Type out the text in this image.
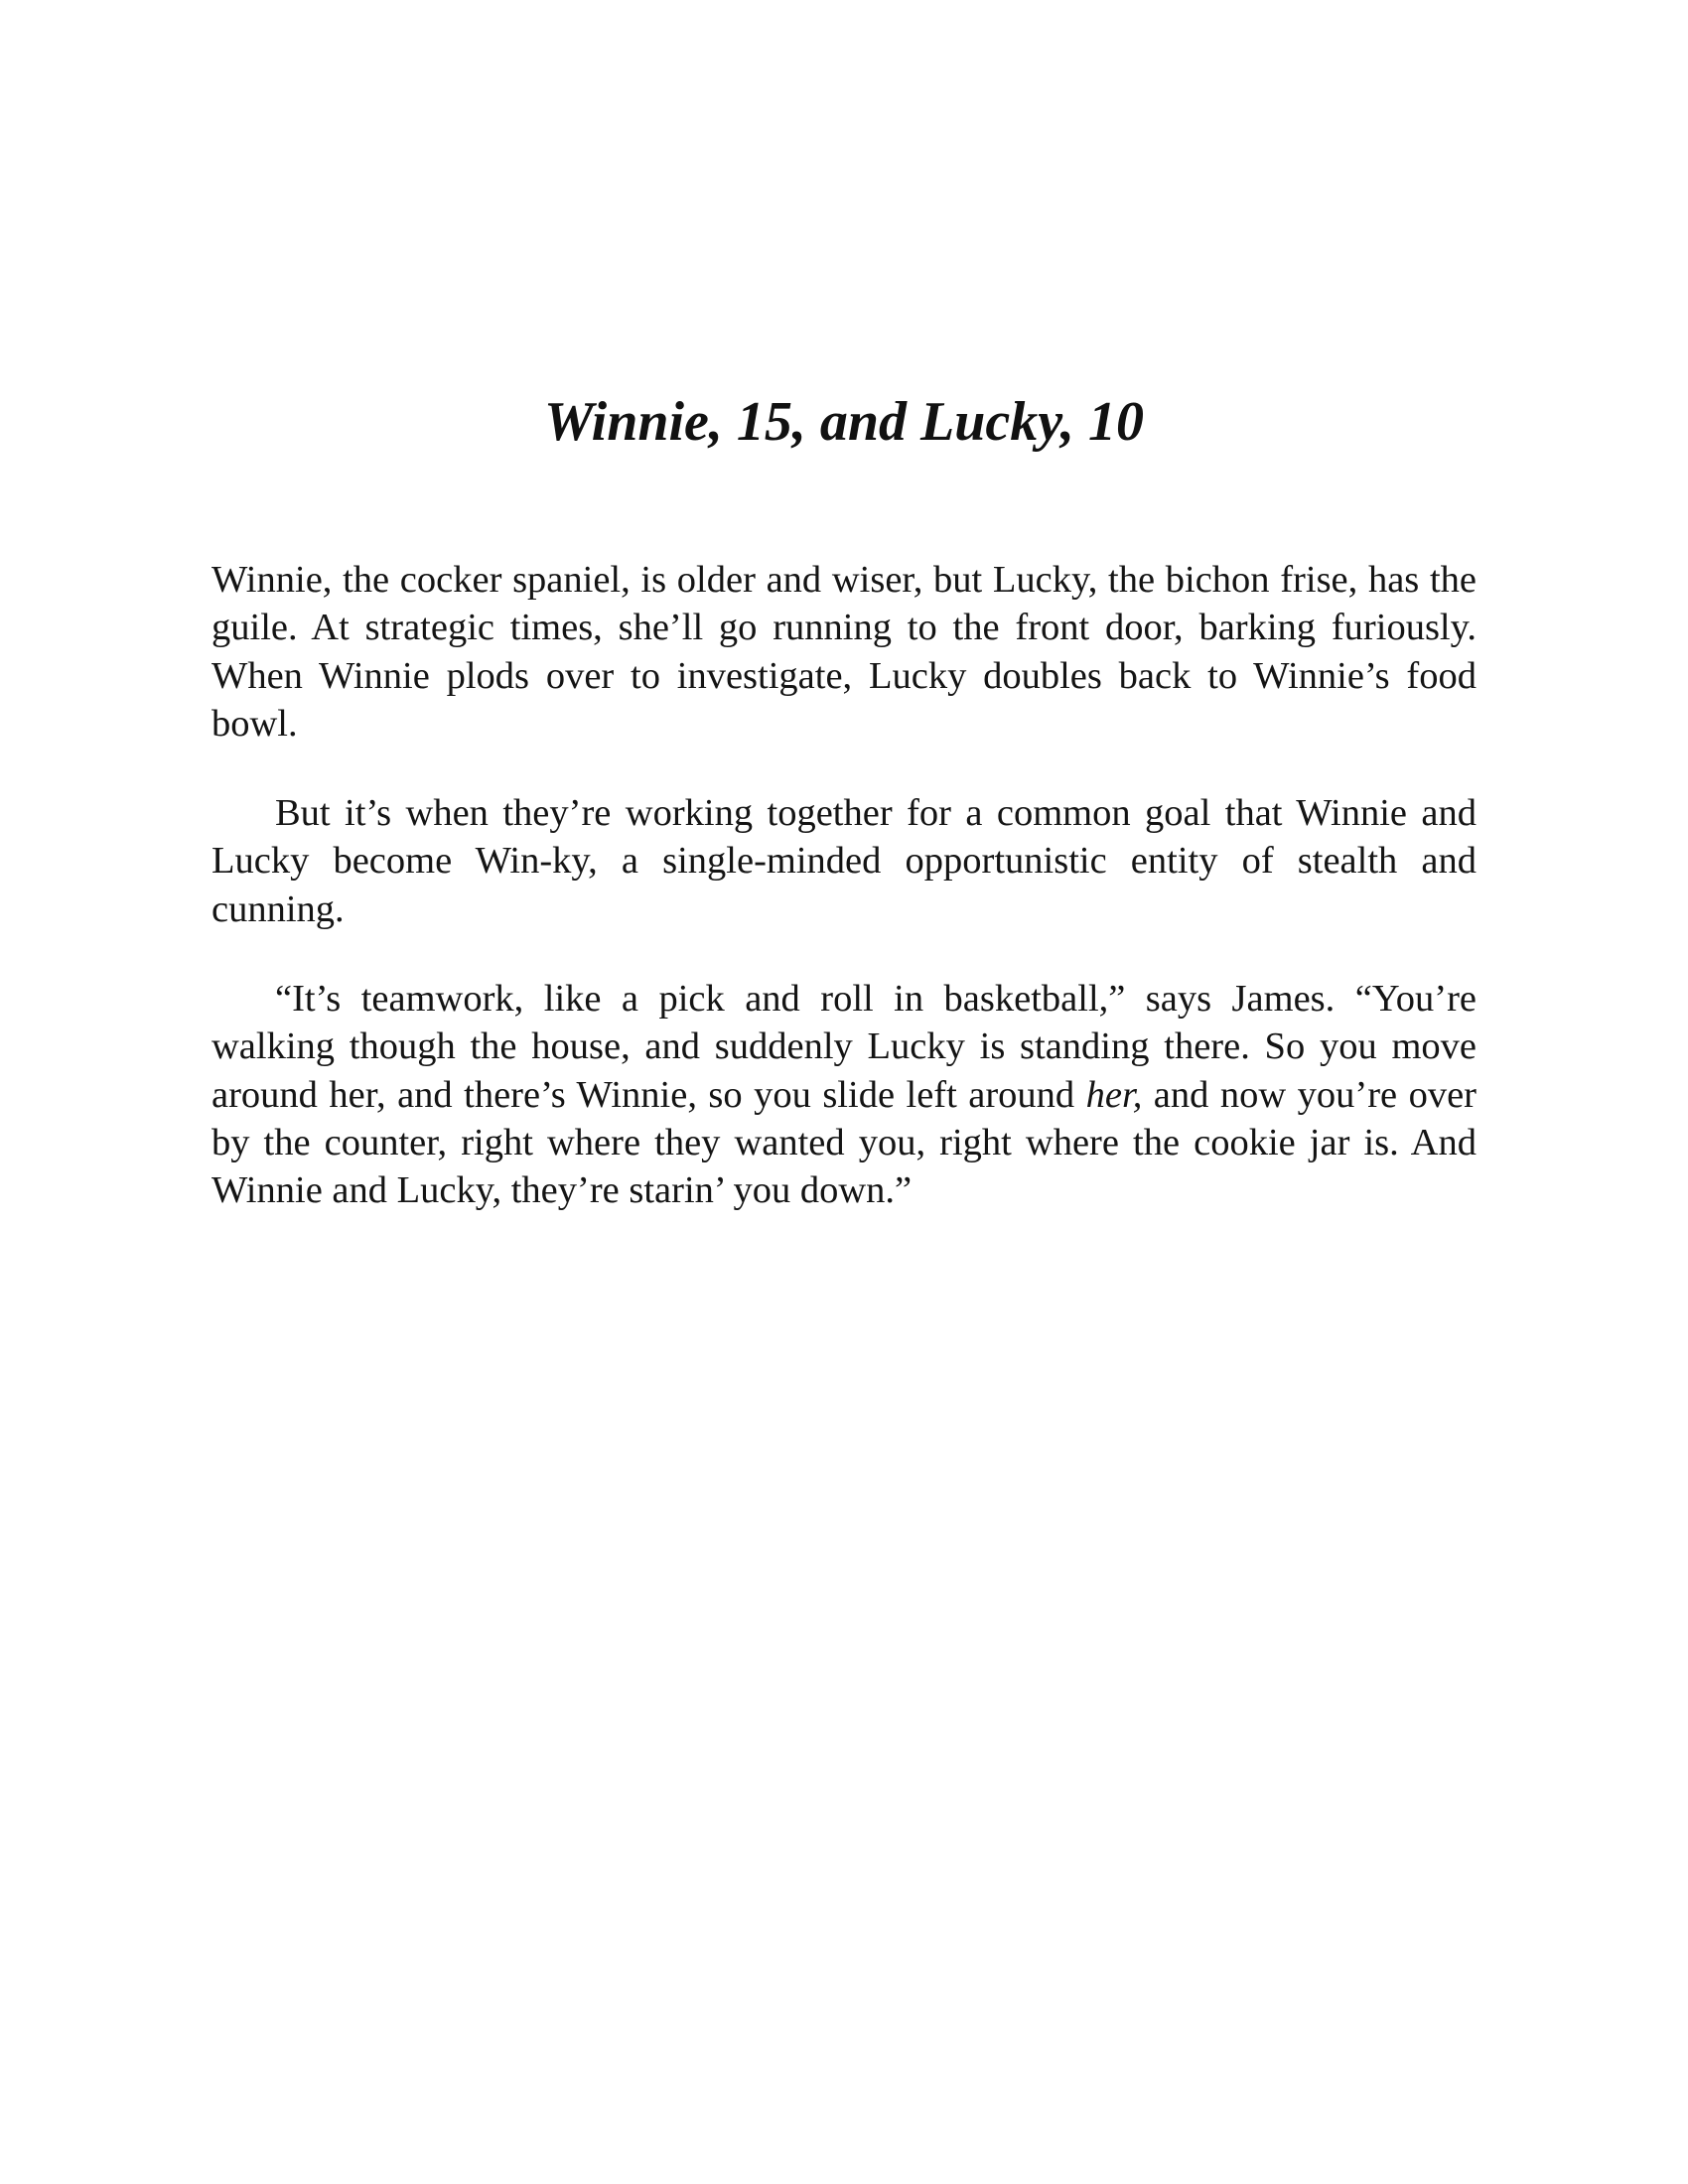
Winnie, 15, and Lucky, 10

Winnie, the cocker spaniel, is older and wiser, but Lucky, the bichon frise, has the guile. At strategic times, she’ll go running to the front door, barking furiously. When Winnie plods over to investigate, Lucky doubles back to Winnie’s food bowl.

But it’s when they’re working together for a common goal that Winnie and Lucky become Win-ky, a single-minded opportunistic entity of stealth and cunning.

“It’s teamwork, like a pick and roll in basketball,” says James. “You’re walking though the house, and suddenly Lucky is standing there. So you move around her, and there’s Winnie, so you slide left around her, and now you’re over by the counter, right where they wanted you, right where the cookie jar is. And Winnie and Lucky, they’re starin’ you down.”
